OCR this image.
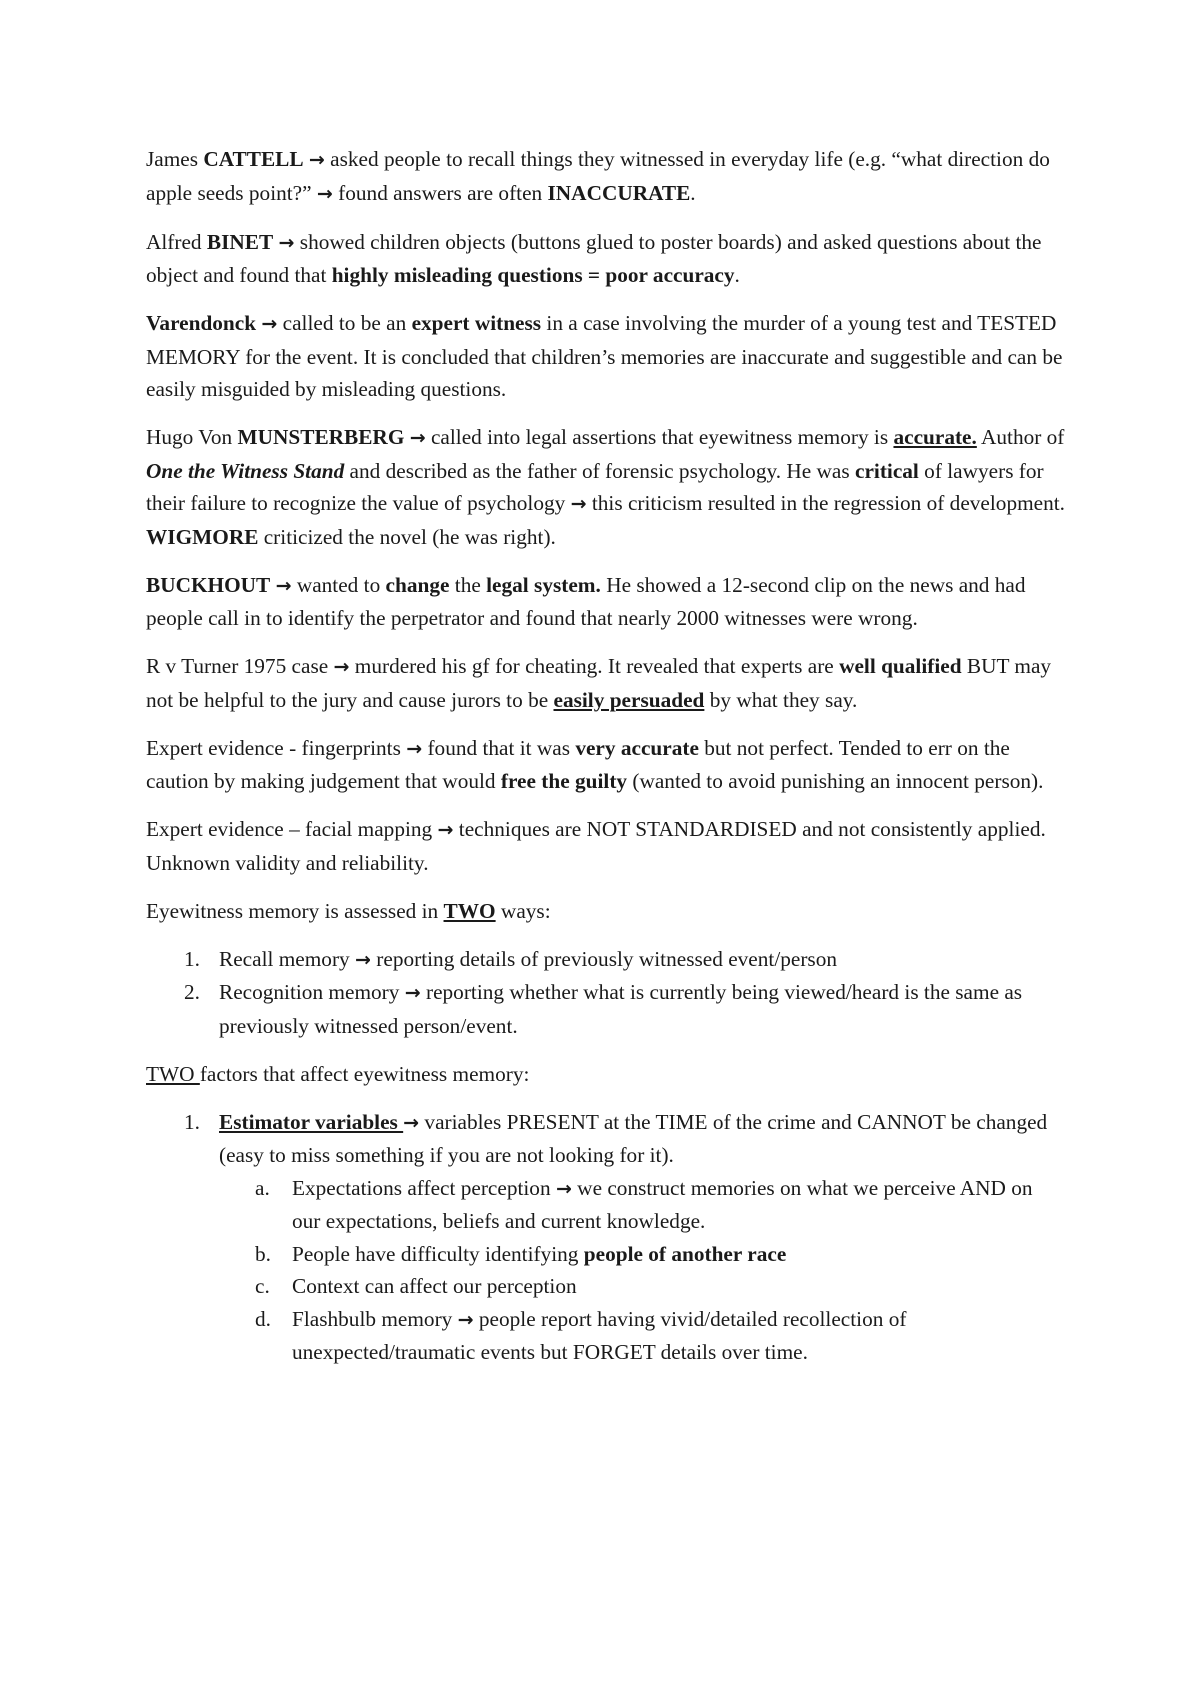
James CATTELL → asked people to recall things they witnessed in everyday life (e.g. “what direction do apple seeds point?” → found answers are often INACCURATE.

Alfred BINET → showed children objects (buttons glued to poster boards) and asked questions about the object and found that highly misleading questions = poor accuracy.

Varendonck → called to be an expert witness in a case involving the murder of a young test and TESTED MEMORY for the event. It is concluded that children’s memories are inaccurate and suggestible and can be easily misguided by misleading questions.

Hugo Von MUNSTERBERG → called into legal assertions that eyewitness memory is accurate. Author of One the Witness Stand and described as the father of forensic psychology. He was critical of lawyers for their failure to recognize the value of psychology → this criticism resulted in the regression of development. WIGMORE criticized the novel (he was right).

BUCKHOUT → wanted to change the legal system. He showed a 12-second clip on the news and had people call in to identify the perpetrator and found that nearly 2000 witnesses were wrong.

R v Turner 1975 case → murdered his gf for cheating. It revealed that experts are well qualified BUT may not be helpful to the jury and cause jurors to be easily persuaded by what they say.

Expert evidence - fingerprints → found that it was very accurate but not perfect. Tended to err on the caution by making judgement that would free the guilty (wanted to avoid punishing an innocent person).

Expert evidence – facial mapping → techniques are NOT STANDARDISED and not consistently applied. Unknown validity and reliability.

Eyewitness memory is assessed in TWO ways:

1. Recall memory → reporting details of previously witnessed event/person
2. Recognition memory → reporting whether what is currently being viewed/heard is the same as previously witnessed person/event.

TWO factors that affect eyewitness memory:

1. Estimator variables → variables PRESENT at the TIME of the crime and CANNOT be changed (easy to miss something if you are not looking for it).
a. Expectations affect perception → we construct memories on what we perceive AND on our expectations, beliefs and current knowledge.
b. People have difficulty identifying people of another race
c. Context can affect our perception
d. Flashbulb memory → people report having vivid/detailed recollection of unexpected/traumatic events but FORGET details over time.
